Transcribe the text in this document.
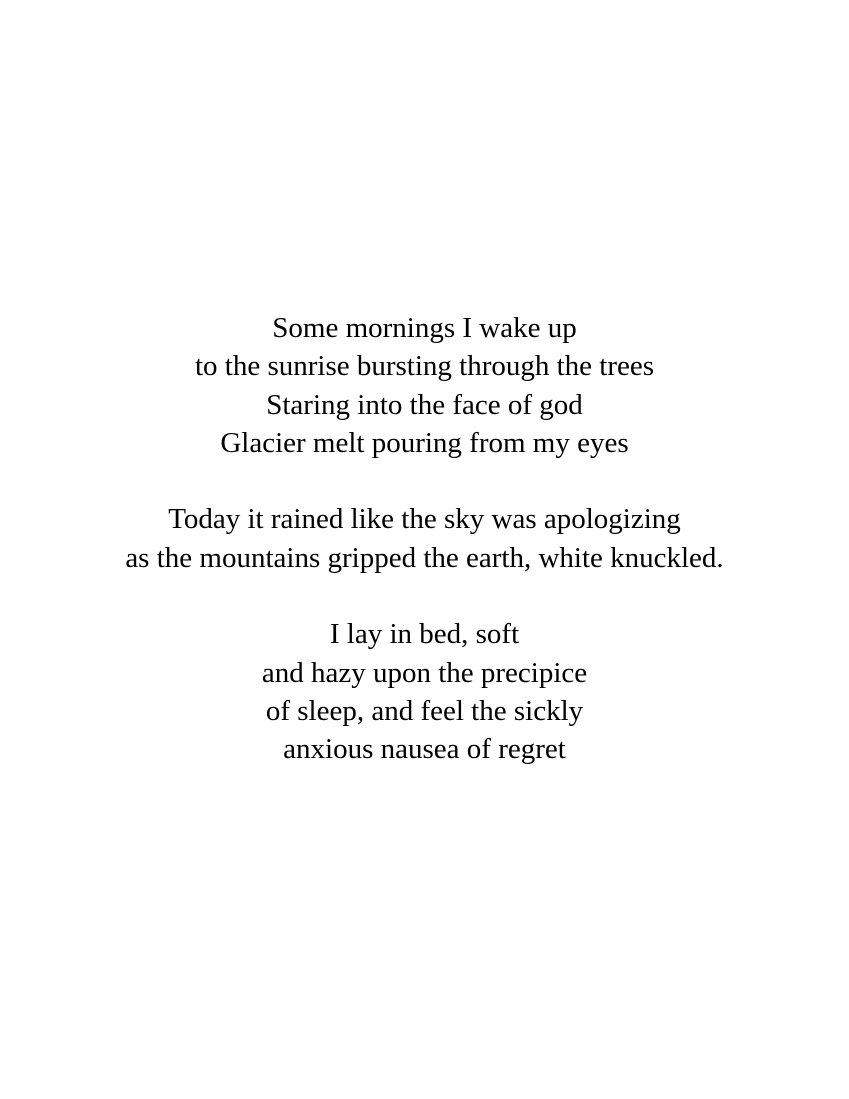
Some mornings I wake up
to the sunrise bursting through the trees
Staring into the face of god
Glacier melt pouring from my eyes
Today it rained like the sky was apologizing
as the mountains gripped the earth, white knuckled.
I lay in bed, soft
and hazy upon the precipice
of sleep, and feel the sickly
anxious nausea of regret
